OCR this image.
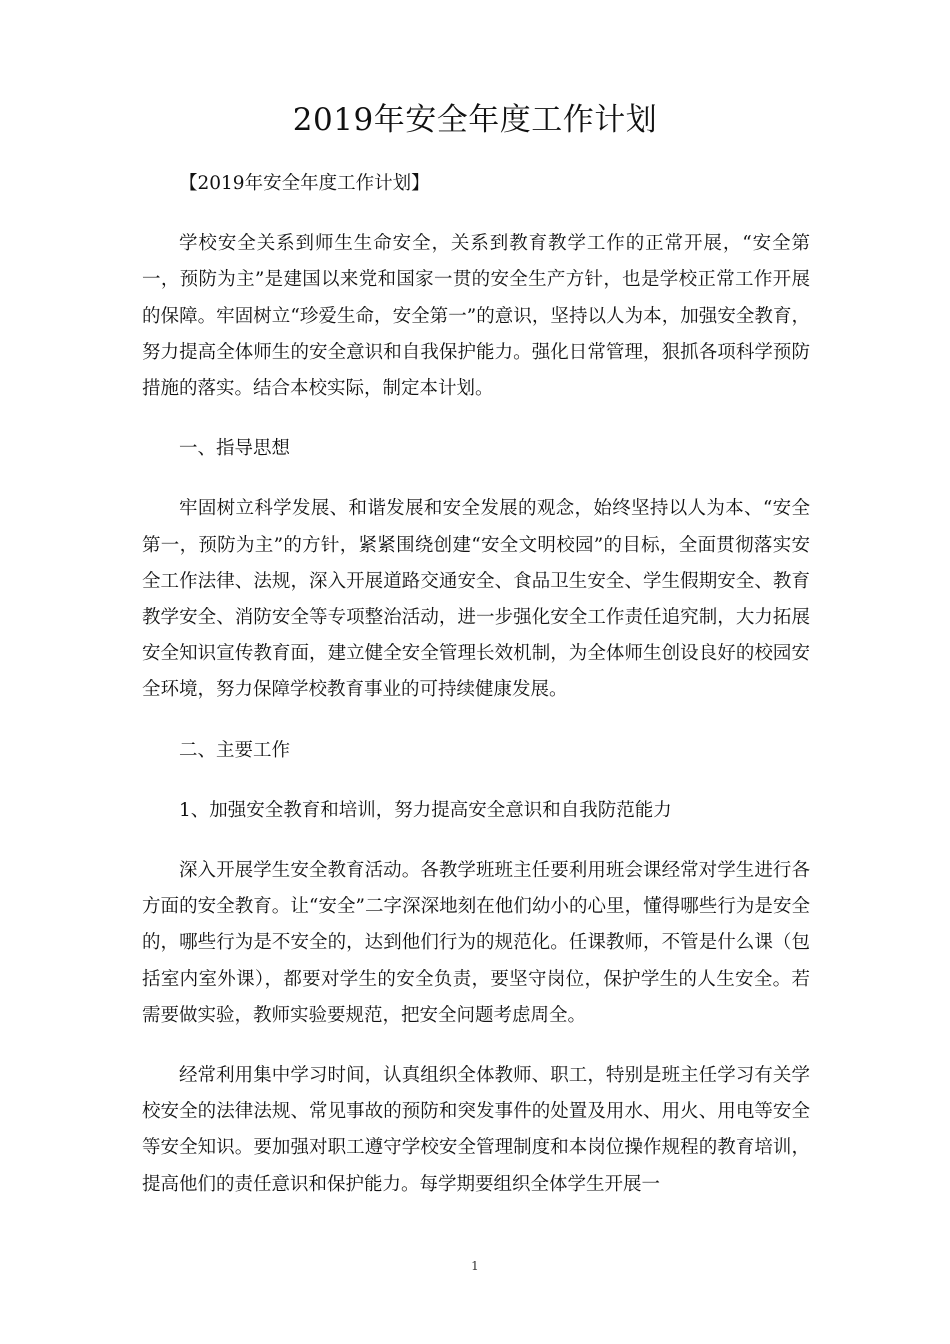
2019年安全年度工作计划

【2019年安全年度工作计划】

学校安全关系到师生生命安全，关系到教育教学工作的正常开展，“安全第一，预防为主”是建国以来党和国家一贯的安全生产方针，也是学校正常工作开展的保障。牢固树立“珍爱生命，安全第一”的意识，坚持以人为本，加强安全教育，努力提高全体师生的安全意识和自我保护能力。强化日常管理，狠抓各项科学预防措施的落实。结合本校实际，制定本计划。

一、指导思想

牢固树立科学发展、和谐发展和安全发展的观念，始终坚持以人为本、“安全第一，预防为主”的方针，紧紧围绕创建“安全文明校园”的目标，全面贯彻落实安全工作法律、法规，深入开展道路交通安全、食品卫生安全、学生假期安全、教育教学安全、消防安全等专项整治活动，进一步强化安全工作责任追究制，大力拓展安全知识宣传教育面，建立健全安全管理长效机制，为全体师生创设良好的校园安全环境，努力保障学校教育事业的可持续健康发展。

二、主要工作

1、加强安全教育和培训，努力提高安全意识和自我防范能力

深入开展学生安全教育活动。各教学班班主任要利用班会课经常对学生进行各方面的安全教育。让“安全”二字深深地刻在他们幼小的心里，懂得哪些行为是安全的，哪些行为是不安全的，达到他们行为的规范化。任课教师，不管是什么课（包括室内室外课），都要对学生的安全负责，要坚守岗位，保护学生的人生安全。若需要做实验，教师实验要规范，把安全问题考虑周全。

经常利用集中学习时间，认真组织全体教师、职工，特别是班主任学习有关学校安全的法律法规、常见事故的预防和突发事件的处置及用水、用火、用电等安全等安全知识。要加强对职工遵守学校安全管理制度和本岗位操作规程的教育培训，提高他们的责任意识和保护能力。每学期要组织全体学生开展一

1
